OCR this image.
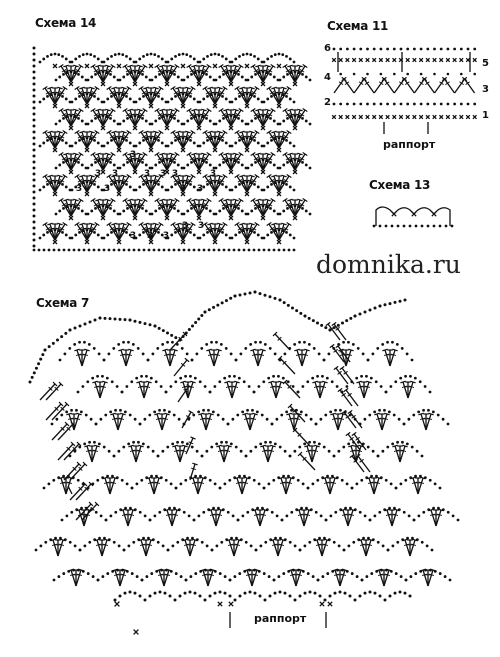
Схема 14	Схема 11
Схема 13
Схема 7
6
4
2
5
3
1
раппорт
domnika.ru
раппорт
3
3 3
3
3
3
3 3 3
3 3
3
3	3
3
3
